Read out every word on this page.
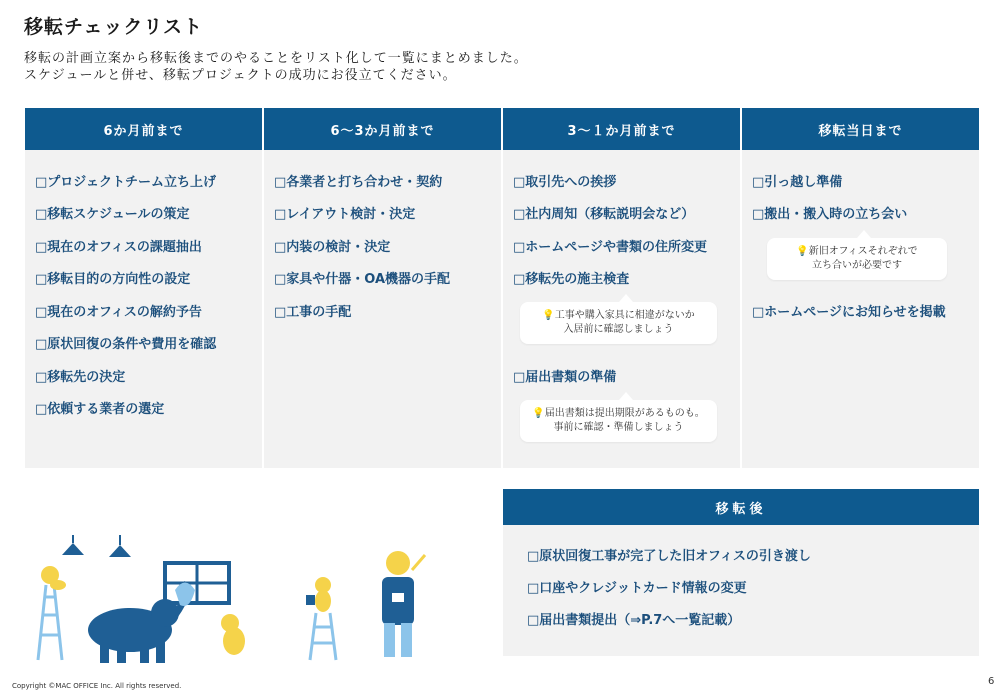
移転チェックリスト
移転の計画立案から移転後までのやることをリスト化して一覧にまとめました。
スケジュールと併せ、移転プロジェクトの成功にお役立てください。
6か月前まで
□プロジェクトチーム立ち上げ
□移転スケジュールの策定
□現在のオフィスの課題抽出
□移転目的の方向性の設定
□現在のオフィスの解約予告
□原状回復の条件や費用を確認
□移転先の決定
□依頼する業者の選定
6～3か月前まで
□各業者と打ち合わせ・契約
□レイアウト検討・決定
□内装の検討・決定
□家具や什器・OA機器の手配
□工事の手配
3～１か月前まで
□取引先への挨拶
□社内周知（移転説明会など）
□ホームページや書類の住所変更
□移転先の施主検査
💡工事や購入家具に相違がないか
入居前に確認しましょう
□届出書類の準備
💡届出書類は提出期限があるものも。
事前に確認・準備しましょう
移転当日まで
□引っ越し準備
□搬出・搬入時の立ち会い
💡新旧オフィスそれぞれで
立ち合いが必要です
□ホームページにお知らせを掲載
移転後
□原状回復工事が完了した旧オフィスの引き渡し
□口座やクレジットカード情報の変更
□届出書類提出（⇒P.7へ一覧記載）
Copyright ©MAC OFFICE Inc. All rights reserved.	6
